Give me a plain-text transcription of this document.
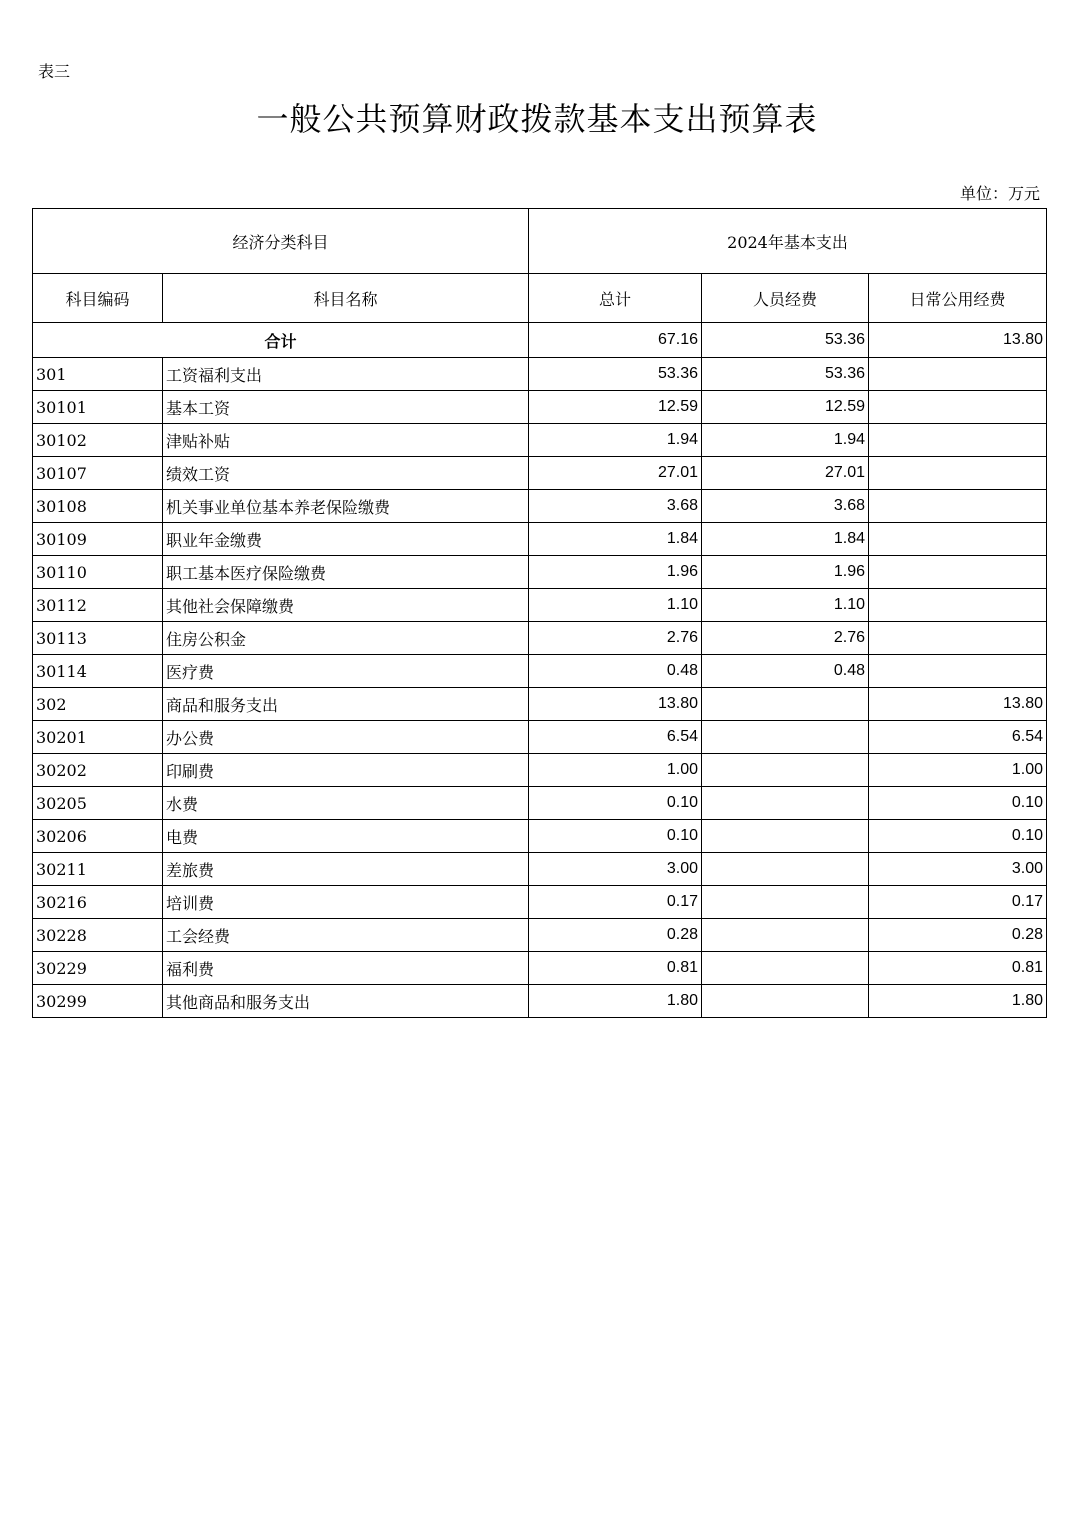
表三
一般公共预算财政拨款基本支出预算表
单位：万元
经济分类科目		2024年基本支出		
科目编码	科目名称	总计	人员经费	日常公用经费
合计		67.16	53.36	13.80
301	工资福利支出	53.36	53.36	
30101	基本工资	12.59	12.59	
30102	津贴补贴	1.94	1.94	
30107	绩效工资	27.01	27.01	
30108	机关事业单位基本养老保险缴费	3.68	3.68	
30109	职业年金缴费	1.84	1.84	
30110	职工基本医疗保险缴费	1.96	1.96	
30112	其他社会保障缴费	1.10	1.10	
30113	住房公积金	2.76	2.76	
30114	医疗费	0.48	0.48	
302	商品和服务支出	13.80		13.80
30201	办公费	6.54		6.54
30202	印刷费	1.00		1.00
30205	水费	0.10		0.10
30206	电费	0.10		0.10
30211	差旅费	3.00		3.00
30216	培训费	0.17		0.17
30228	工会经费	0.28		0.28
30229	福利费	0.81		0.81
30299	其他商品和服务支出	1.80		1.80
